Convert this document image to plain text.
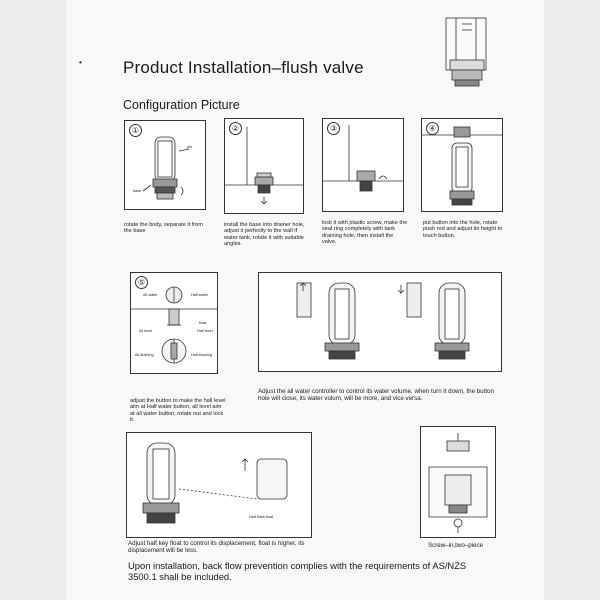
• Product Installation–flush valve
Configuration Picture
①
pin
base
rotate the body, separate it from the base
②
install the base into drainer hole, adjust it perfectly to the wall if water tank, rotate it with suitable angles.
③
lock it with plastic screw, make the seal ring completely with tank draining hole, then install the valve.
④
put button into the hole, rotate push rod and adjust its height to touch button.
⑤
All water	Half water
float
All level	Half level
All-flushing	Half-flushing
adjust the button to make the hall level aim at Half water button, all level aim at all water button, rotate nut and lock it.
Adjust the all water controller to control its water volume. when turn it down, the button hole will close, its water volum, will be more, and vice versa.
Half flush float
Adjust half key float to control its displacement, float is higher, its displacement will be less.
Screw–in,two–piece
Upon installation, back flow prevention complies with the requirements of AS/NZS 3500.1 shall be included.
